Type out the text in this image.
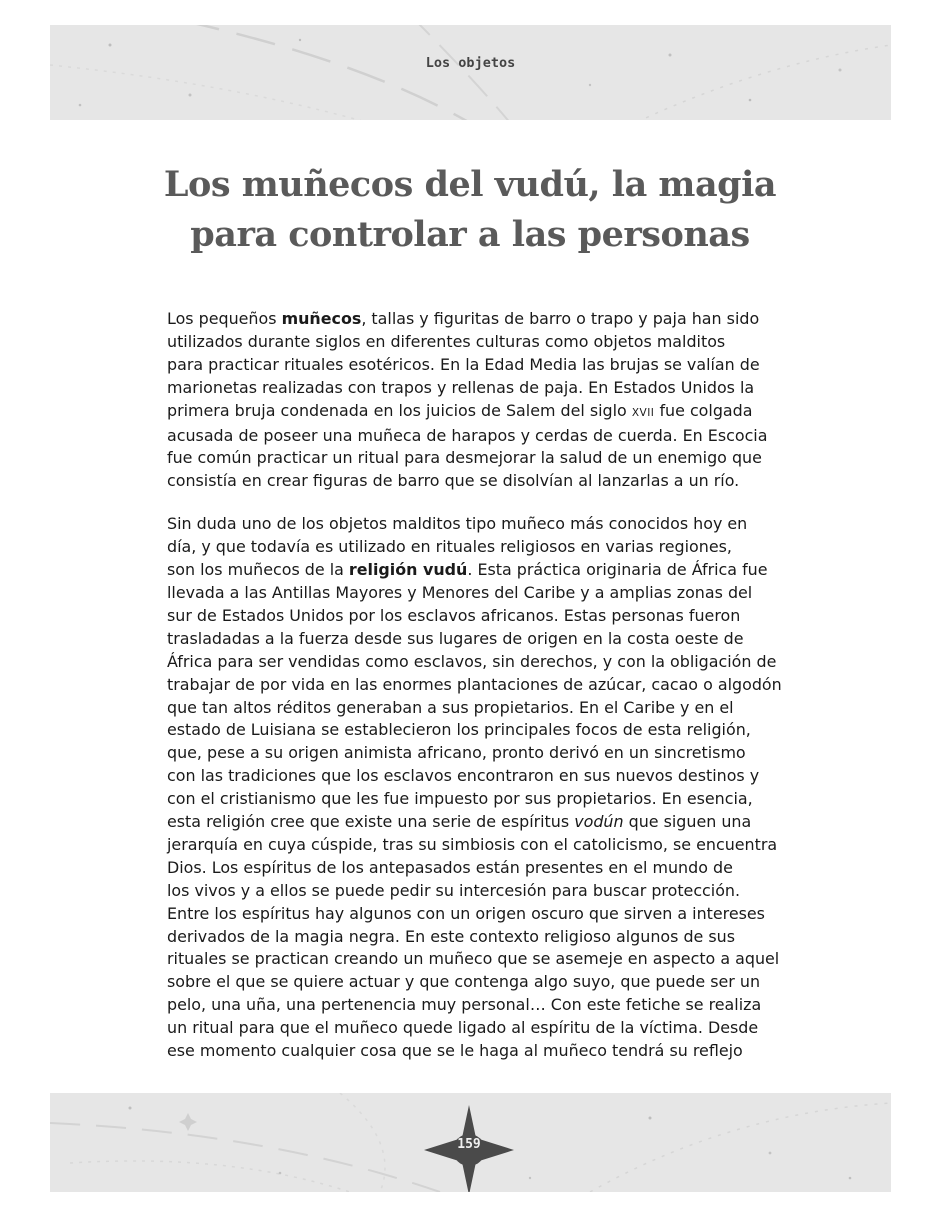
Los objetos
Los muñecos del vudú, la magia
para controlar a las personas

Los pequeños muñecos, tallas y figuritas de barro o trapo y paja han sido
utilizados durante siglos en diferentes culturas como objetos malditos
para practicar rituales esotéricos. En la Edad Media las brujas se valían de
marionetas realizadas con trapos y rellenas de paja. En Estados Unidos la
primera bruja condenada en los juicios de Salem del siglo XVII fue colgada
acusada de poseer una muñeca de harapos y cerdas de cuerda. En Escocia
fue común practicar un ritual para desmejorar la salud de un enemigo que
consistía en crear figuras de barro que se disolvían al lanzarlas a un río.

Sin duda uno de los objetos malditos tipo muñeco más conocidos hoy en
día, y que todavía es utilizado en rituales religiosos en varias regiones,
son los muñecos de la religión vudú. Esta práctica originaria de África fue
llevada a las Antillas Mayores y Menores del Caribe y a amplias zonas del
sur de Estados Unidos por los esclavos africanos. Estas personas fueron
trasladadas a la fuerza desde sus lugares de origen en la costa oeste de
África para ser vendidas como esclavos, sin derechos, y con la obligación de
trabajar de por vida en las enormes plantaciones de azúcar, cacao o algodón
que tan altos réditos generaban a sus propietarios. En el Caribe y en el
estado de Luisiana se establecieron los principales focos de esta religión,
que, pese a su origen animista africano, pronto derivó en un sincretismo
con las tradiciones que los esclavos encontraron en sus nuevos destinos y
con el cristianismo que les fue impuesto por sus propietarios. En esencia,
esta religión cree que existe una serie de espíritus vodún que siguen una
jerarquía en cuya cúspide, tras su simbiosis con el catolicismo, se encuentra
Dios. Los espíritus de los antepasados están presentes en el mundo de
los vivos y a ellos se puede pedir su intercesión para buscar protección.
Entre los espíritus hay algunos con un origen oscuro que sirven a intereses
derivados de la magia negra. En este contexto religioso algunos de sus
rituales se practican creando un muñeco que se asemeje en aspecto a aquel
sobre el que se quiere actuar y que contenga algo suyo, que puede ser un
pelo, una uña, una pertenencia muy personal… Con este fetiche se realiza
un ritual para que el muñeco quede ligado al espíritu de la víctima. Desde
ese momento cualquier cosa que se le haga al muñeco tendrá su reflejo

159
